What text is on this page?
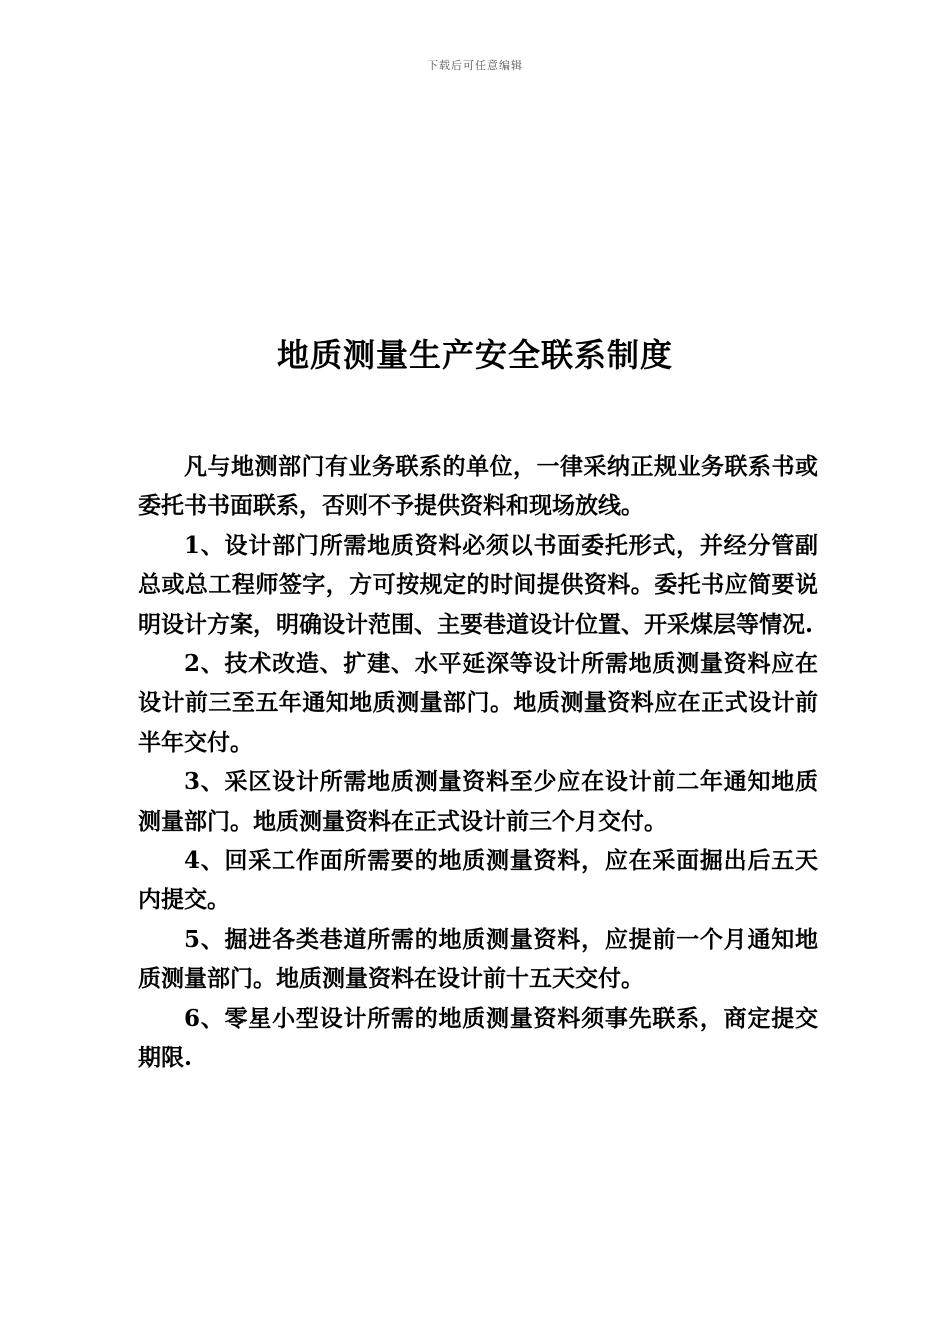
下载后可任意编辑
地质测量生产安全联系制度

凡与地测部门有业务联系的单位，一律采纳正规业务联系书或委托书书面联系，否则不予提供资料和现场放线。

1、设计部门所需地质资料必须以书面委托形式，并经分管副总或总工程师签字，方可按规定的时间提供资料。委托书应简要说明设计方案，明确设计范围、主要巷道设计位置、开采煤层等情况.

2、技术改造、扩建、水平延深等设计所需地质测量资料应在设计前三至五年通知地质测量部门。地质测量资料应在正式设计前半年交付。

3、采区设计所需地质测量资料至少应在设计前二年通知地质测量部门。地质测量资料在正式设计前三个月交付。

4、回采工作面所需要的地质测量资料，应在采面掘出后五天内提交。

5、掘进各类巷道所需的地质测量资料，应提前一个月通知地质测量部门。地质测量资料在设计前十五天交付。

6、零星小型设计所需的地质测量资料须事先联系，商定提交期限.
